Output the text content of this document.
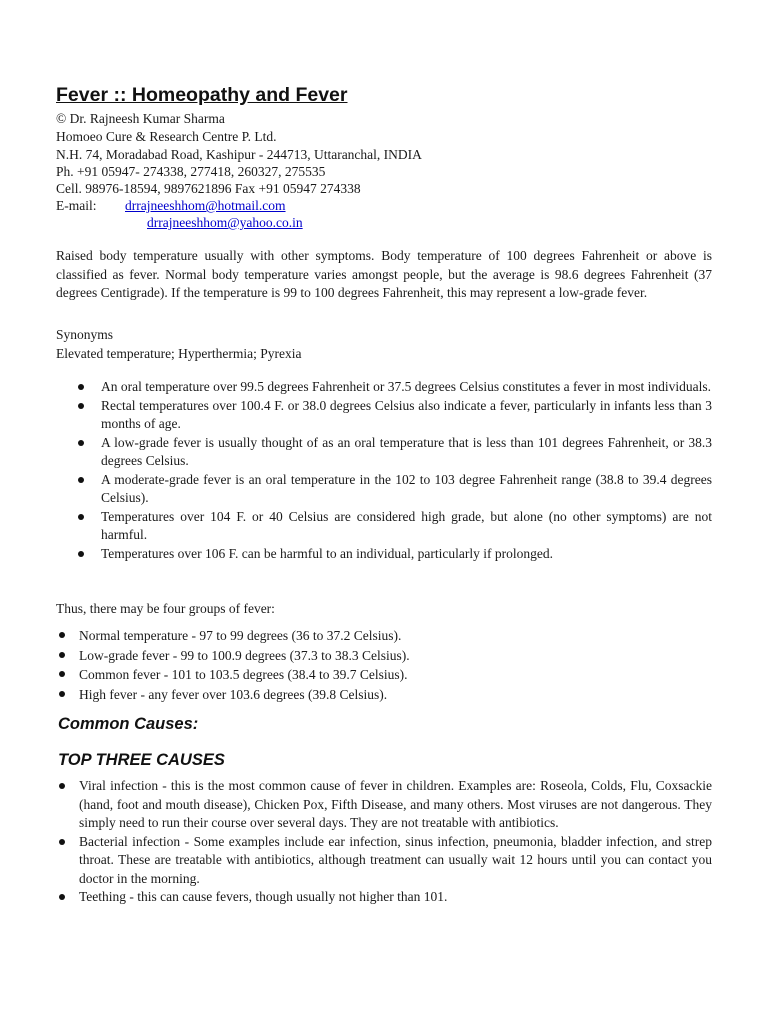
Fever :: Homeopathy and Fever
© Dr. Rajneesh Kumar Sharma
Homoeo Cure & Research Centre P. Ltd.
N.H. 74, Moradabad Road, Kashipur - 244713, Uttaranchal, INDIA
Ph. +91 05947- 274338, 277418, 260327, 275535
Cell. 98976-18594, 9897621896 Fax +91 05947 274338
E-mail: drrajneeshhom@hotmail.com
drrajneeshhom@yahoo.co.in

Raised body temperature usually with other symptoms. Body temperature of 100 degrees Fahrenheit or above is classified as fever. Normal body temperature varies amongst people, but the average is 98.6 degrees Fahrenheit (37 degrees Centigrade). If the temperature is 99 to 100 degrees Fahrenheit, this may represent a low-grade fever.

Synonyms
Elevated temperature; Hyperthermia; Pyrexia
An oral temperature over 99.5 degrees Fahrenheit or 37.5 degrees Celsius constitutes a fever in most individuals.
Rectal temperatures over 100.4 F. or 38.0 degrees Celsius also indicate a fever, particularly in infants less than 3 months of age.
A low-grade fever is usually thought of as an oral temperature that is less than 101 degrees Fahrenheit, or 38.3 degrees Celsius.
A moderate-grade fever is an oral temperature in the 102 to 103 degree Fahrenheit range (38.8 to 39.4 degrees Celsius).
Temperatures over 104 F. or 40 Celsius are considered high grade, but alone (no other symptoms) are not harmful.
Temperatures over 106 F. can be harmful to an individual, particularly if prolonged.
Thus, there may be four groups of fever:
Normal temperature - 97 to 99 degrees (36 to 37.2 Celsius).
Low-grade fever - 99 to 100.9 degrees (37.3 to 38.3 Celsius).
Common fever - 101 to 103.5 degrees (38.4 to 39.7 Celsius).
High fever - any fever over 103.6 degrees (39.8 Celsius).
Common Causes:
TOP THREE CAUSES
Viral infection - this is the most common cause of fever in children. Examples are: Roseola, Colds, Flu, Coxsackie (hand, foot and mouth disease), Chicken Pox, Fifth Disease, and many others. Most viruses are not dangerous. They simply need to run their course over several days. They are not treatable with antibiotics.
Bacterial infection - Some examples include ear infection, sinus infection, pneumonia, bladder infection, and strep throat. These are treatable with antibiotics, although treatment can usually wait 12 hours until you can contact you doctor in the morning.
Teething - this can cause fevers, though usually not higher than 101.
